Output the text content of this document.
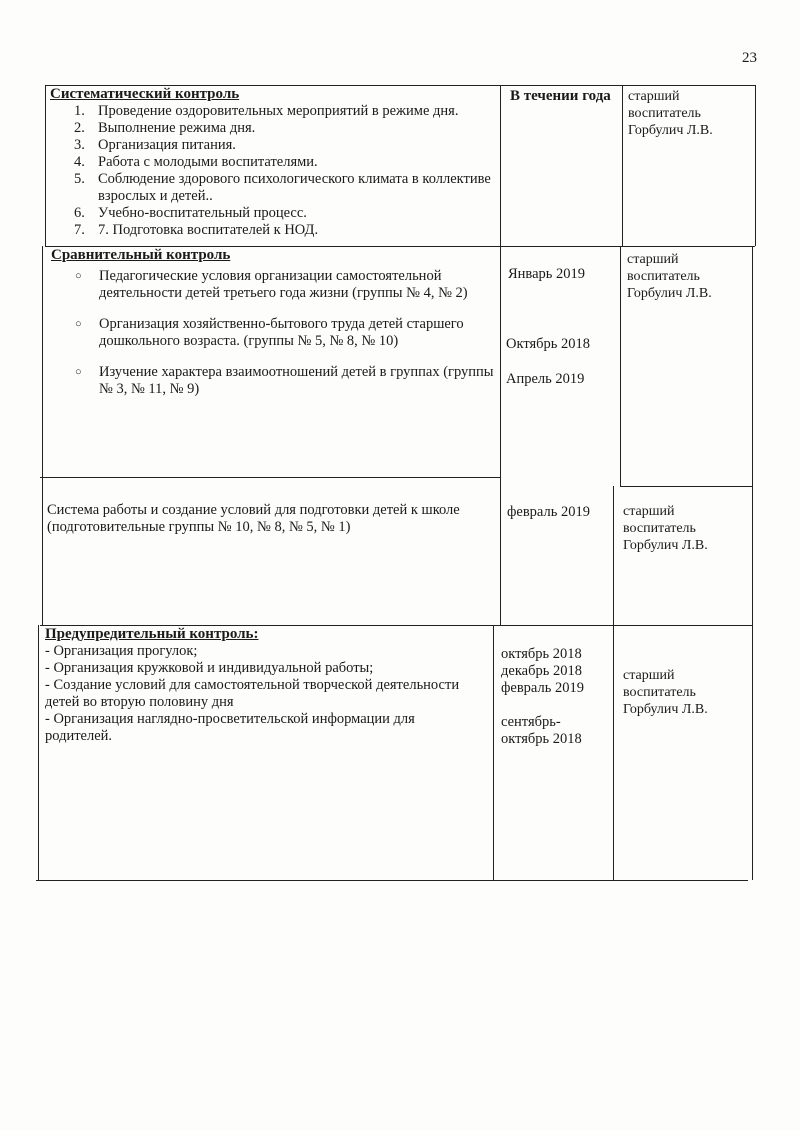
23
Систематический контроль
1. Проведение оздоровительных мероприятий в режиме дня.
2. Выполнение режима дня.
3. Организация питания.
4. Работа с молодыми воспитателями.
5. Соблюдение здорового психологического климата в коллективе взрослых и детей..
6. Учебно-воспитательный процесс.
7. 7. Подготовка воспитателей к НОД.
В течении года старший
воспитатель
Горбулич Л.В.
Сравнительный контроль
○ Педагогические условия организации самостоятельной деятельности детей третьего года жизни (группы № 4, № 2)
○ Организация хозяйственно-бытового труда детей старшего дошкольного возраста. (группы № 5, № 8, № 10)
○ Изучение характера взаимоотношений детей в группах (группы № 3, № 11, № 9)
Январь 2019
Октябрь 2018
Апрель 2019
старший
воспитатель
Горбулич Л.В.
Система работы и создание условий для подготовки детей к школе (подготовительные группы № 10, № 8, № 5, № 1)
февраль 2019 старший
воспитатель
Горбулич Л.В.
Предупредительный контроль:
- Организация прогулок;
- Организация кружковой и индивидуальной работы;
- Создание условий для самостоятельной творческой деятельности детей во вторую половину дня
- Организация наглядно-просветительской информации для родителей.
октябрь 2018
декабрь 2018
февраль 2019
сентябрь-
октябрь 2018
старший
воспитатель
Горбулич Л.В.
